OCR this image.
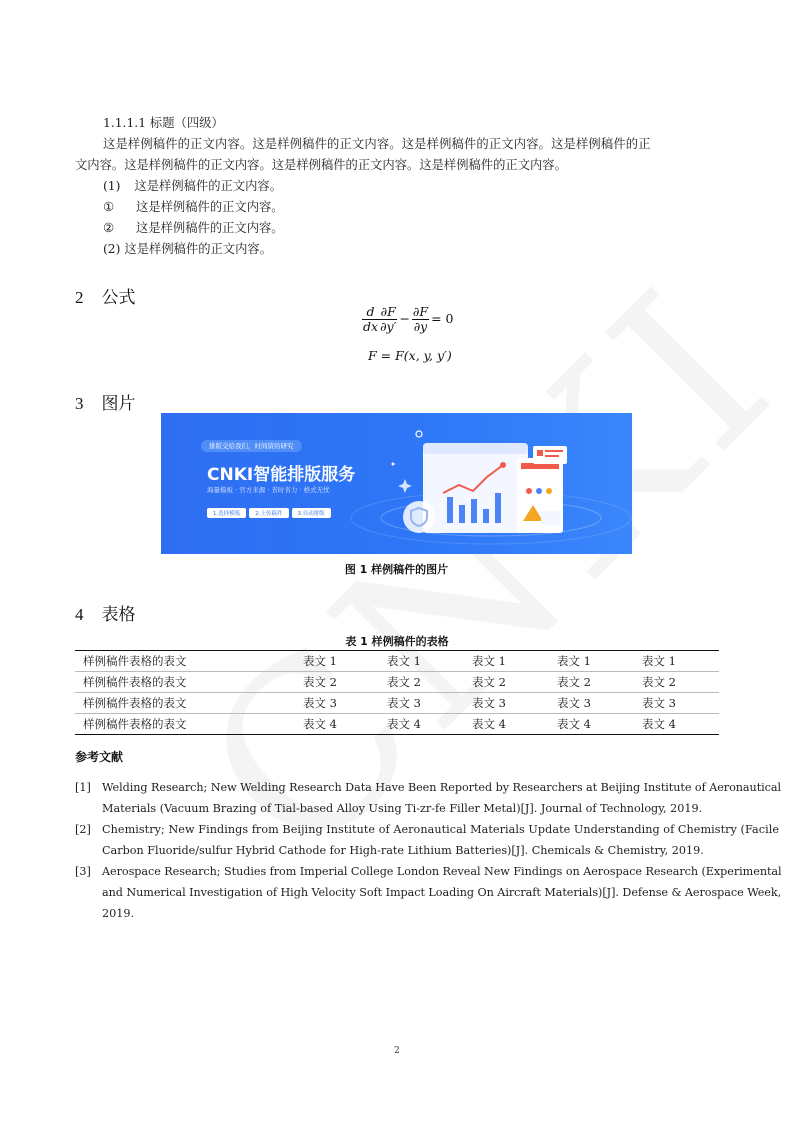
1.1.1.1 标题（四级）
这是样例稿件的正文内容。这是样例稿件的正文内容。这是样例稿件的正文内容。这是样例稿件的正
文内容。这是样例稿件的正文内容。这是样例稿件的正文内容。这是样例稿件的正文内容。
(1) 这是样例稿件的正文内容。
① 这是样例稿件的正文内容。
② 这是样例稿件的正文内容。
(2) 这是样例稿件的正文内容。
2 公式
$\frac{d}{dx} \frac{\partial F}{\partial y'} - \frac{\partial F}{\partial y} = 0$
F = F(x, y, y′)
3 图片
排版交给我们，时间留给研究
CNKI智能排版服务
海量模板 · 官方来源 · 省时省力 · 格式无忧
1.选择模板	2.上传稿件	3.自动排版
图 1 样例稿件的图片
4 表格
表 1 样例稿件的表格
样例稿件表格的表文	表文 1	表文 1	表文 1	表文 1	表文 1
样例稿件表格的表文	表文 2	表文 2	表文 2	表文 2	表文 2
样例稿件表格的表文	表文 3	表文 3	表文 3	表文 3	表文 3
样例稿件表格的表文	表文 4	表文 4	表文 4	表文 4	表文 4
参考文献
[1] Welding Research; New Welding Research Data Have Been Reported by Researchers at Beijing Institute of Aeronautical
Materials (Vacuum Brazing of Tial-based Alloy Using Ti-zr-fe Filler Metal)[J]. Journal of Technology, 2019.
[2] Chemistry; New Findings from Beijing Institute of Aeronautical Materials Update Understanding of Chemistry (Facile
Carbon Fluoride/sulfur Hybrid Cathode for High-rate Lithium Batteries)[J]. Chemicals & Chemistry, 2019.
[3] Aerospace Research; Studies from Imperial College London Reveal New Findings on Aerospace Research (Experimental
and Numerical Investigation of High Velocity Soft Impact Loading On Aircraft Materials)[J]. Defense & Aerospace Week,
2019.
2
